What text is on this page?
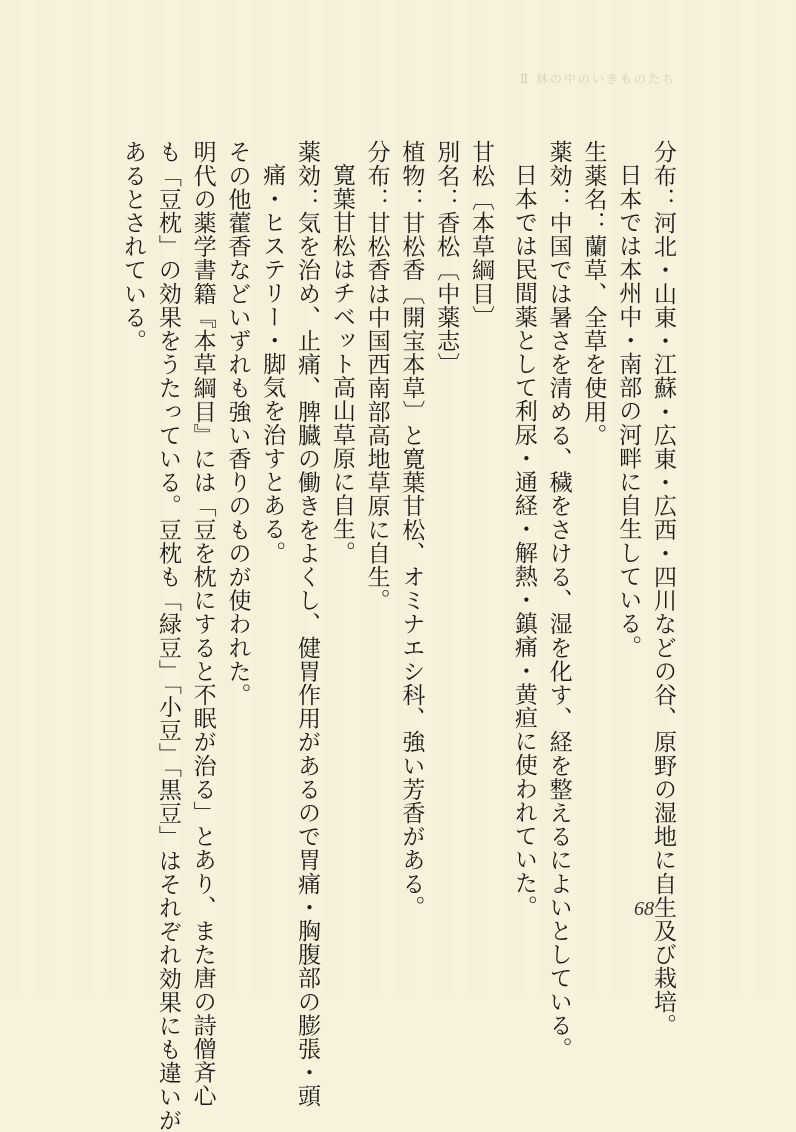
Ⅱ 林の中のいきものたち
分布：河北・山東・江蘇・広東・広西・四川などの谷、原野の湿地に自生及び栽培。
日本では本州中・南部の河畔に自生している。
生薬名：蘭草、全草を使用。
薬効：中国では暑さを清める、穢をさける、湿を化す、経を整えるによいとしている。
日本では民間薬として利尿・通経・解熱・鎮痛・黄疸に使われていた。
甘松〔本草綱目〕
別名：香松〔中薬志〕
植物：甘松香〔開宝本草〕と寛葉甘松、オミナエシ科、強い芳香がある。
分布：甘松香は中国西南部高地草原に自生。
寛葉甘松はチベット高山草原に自生。
薬効：気を治め、止痛、脾臓の働きをよくし、健胃作用があるので胃痛・胸腹部の膨張・頭
痛・ヒステリー・脚気を治すとある。
その他藿香などいずれも強い香りのものが使われた。
明代の薬学書籍『本草綱目』には「豆を枕にすると不眠が治る」とあり、また唐の詩僧斉心
も「豆枕」の効果をうたっている。豆枕も「緑豆」「小豆」「黒豆」はそれぞれ効果にも違いが
あるとされている。
68
